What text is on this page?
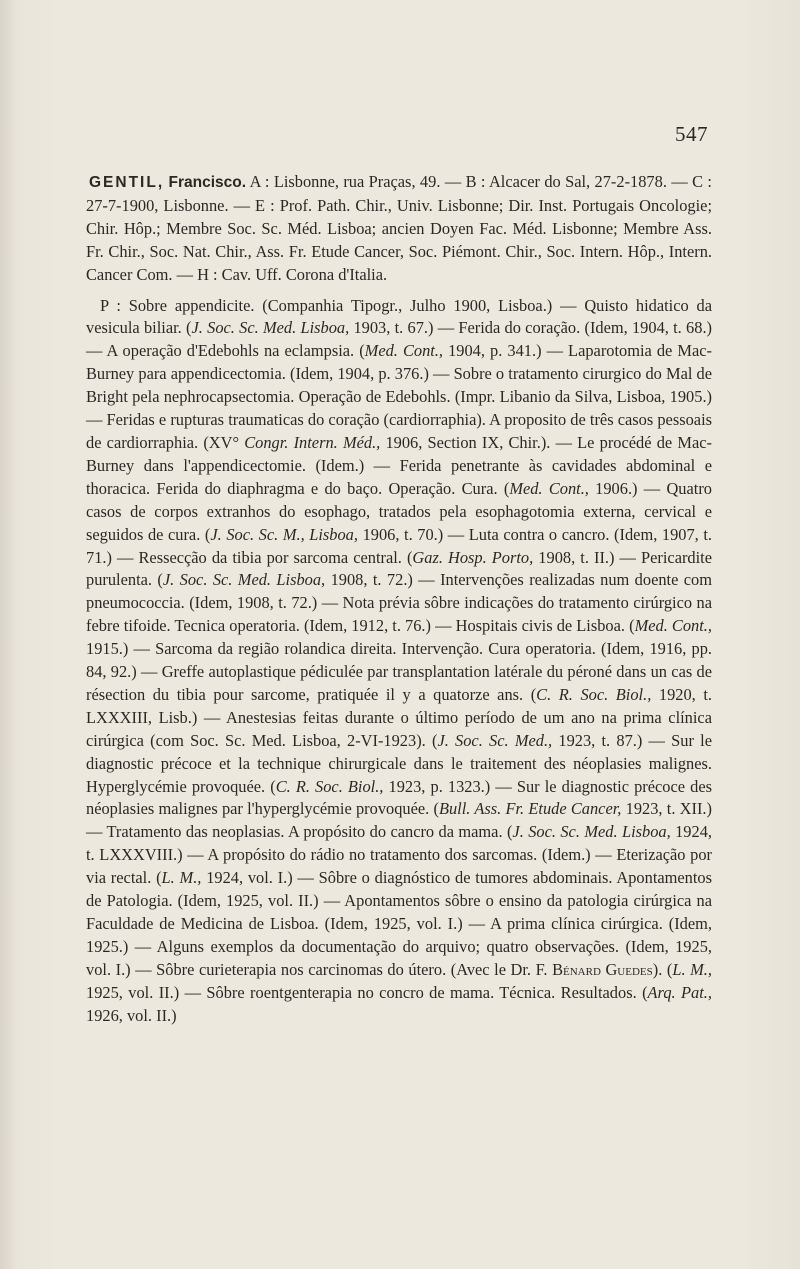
547

GENTIL, Francisco. A : Lisbonne, rua Praças, 49. — B : Alcacer do Sal, 27-2-1878. — C : 27-7-1900, Lisbonne. — E : Prof. Path. Chir., Univ. Lisbonne; Dir. Inst. Portugais Oncologie; Chir. Hôp.; Membre Soc. Sc. Méd. Lisboa; ancien Doyen Fac. Méd. Lisbonne; Membre Ass. Fr. Chir., Soc. Nat. Chir., Ass. Fr. Etude Cancer, Soc. Piémont. Chir., Soc. Intern. Hôp., Intern. Cancer Com. — H : Cav. Uff. Corona d'Italia.

P : Sobre appendicite. (Companhia Tipogr., Julho 1900, Lisboa.) — Quisto hidatico da vesicula biliar. (J. Soc. Sc. Med. Lisboa, 1903, t. 67.) — Ferida do coração. (Idem, 1904, t. 68.) — A operação d'Edebohls na eclampsia. (Med. Cont., 1904, p. 341.) — Laparotomia de Mac-Burney para appendicectomia. (Idem, 1904, p. 376.) — Sobre o tratamento cirurgico do Mal de Bright pela nephrocapsectomia. Operação de Edebohls. (Impr. Libanio da Silva, Lisboa, 1905.) — Feridas e rupturas traumaticas do coração (cardiorraphia). A proposito de três casos pessoais de cardiorraphia. (XV° Congr. Intern. Méd., 1906, Section IX, Chir.). — Le procédé de Mac-Burney dans l'appendicectomie. (Idem.) — Ferida penetrante às cavidades abdominal e thoracica. Ferida do diaphragma e do baço. Operação. Cura. (Med. Cont., 1906.) — Quatro casos de corpos extranhos do esophago, tratados pela esophagotomia externa, cervical e seguidos de cura. (J. Soc. Sc. M., Lisboa, 1906, t. 70.) — Luta contra o cancro. (Idem, 1907, t. 71.) — Ressecção da tibia por sarcoma central. (Gaz. Hosp. Porto, 1908, t. II.) — Pericardite purulenta. (J. Soc. Sc. Med. Lisboa, 1908, t. 72.) — Intervenções realizadas num doente com pneumococcia. (Idem, 1908, t. 72.) — Nota prévia sôbre indicações do tratamento cirúrgico na febre tifoide. Tecnica operatoria. (Idem, 1912, t. 76.) — Hospitais civis de Lisboa. (Med. Cont., 1915.) — Sarcoma da região rolandica direita. Intervenção. Cura operatoria. (Idem, 1916, pp. 84, 92.) — Greffe autoplastique pédiculée par transplantation latérale du péroné dans un cas de résection du tibia pour sarcome, pratiquée il y a quatorze ans. (C. R. Soc. Biol., 1920, t. LXXXIII, Lisb.) — Anestesias feitas durante o último período de um ano na prima clínica cirúrgica (com Soc. Sc. Med. Lisboa, 2-VI-1923). (J. Soc. Sc. Med., 1923, t. 87.) — Sur le diagnostic précoce et la technique chirurgicale dans le traitement des néoplasies malignes. Hyperglycémie provoquée. (C. R. Soc. Biol., 1923, p. 1323.) — Sur le diagnostic précoce des néoplasies malignes par l'hyperglycémie provoquée. (Bull. Ass. Fr. Etude Cancer, 1923, t. XII.) — Tratamento das neoplasias. A propósito do cancro da mama. (J. Soc. Sc. Med. Lisboa, 1924, t. LXXXVIII.) — A propósito do rádio no tratamento dos sarcomas. (Idem.) — Eterização por via rectal. (L. M., 1924, vol. I.) — Sôbre o diagnóstico de tumores abdominais. Apontamentos de Patologia. (Idem, 1925, vol. II.) — Apontamentos sôbre o ensino da patologia cirúrgica na Faculdade de Medicina de Lisboa. (Idem, 1925, vol. I.) — A prima clínica cirúrgica. (Idem, 1925.) — Alguns exemplos da documentação do arquivo; quatro observações. (Idem, 1925, vol. I.) — Sôbre curieterapia nos carcinomas do útero. (Avec le Dr. F. Bénard Guedes). (L. M., 1925, vol. II.) — Sôbre roentgenterapia no concro de mama. Técnica. Resultados. (Arq. Pat., 1926, vol. II.)
